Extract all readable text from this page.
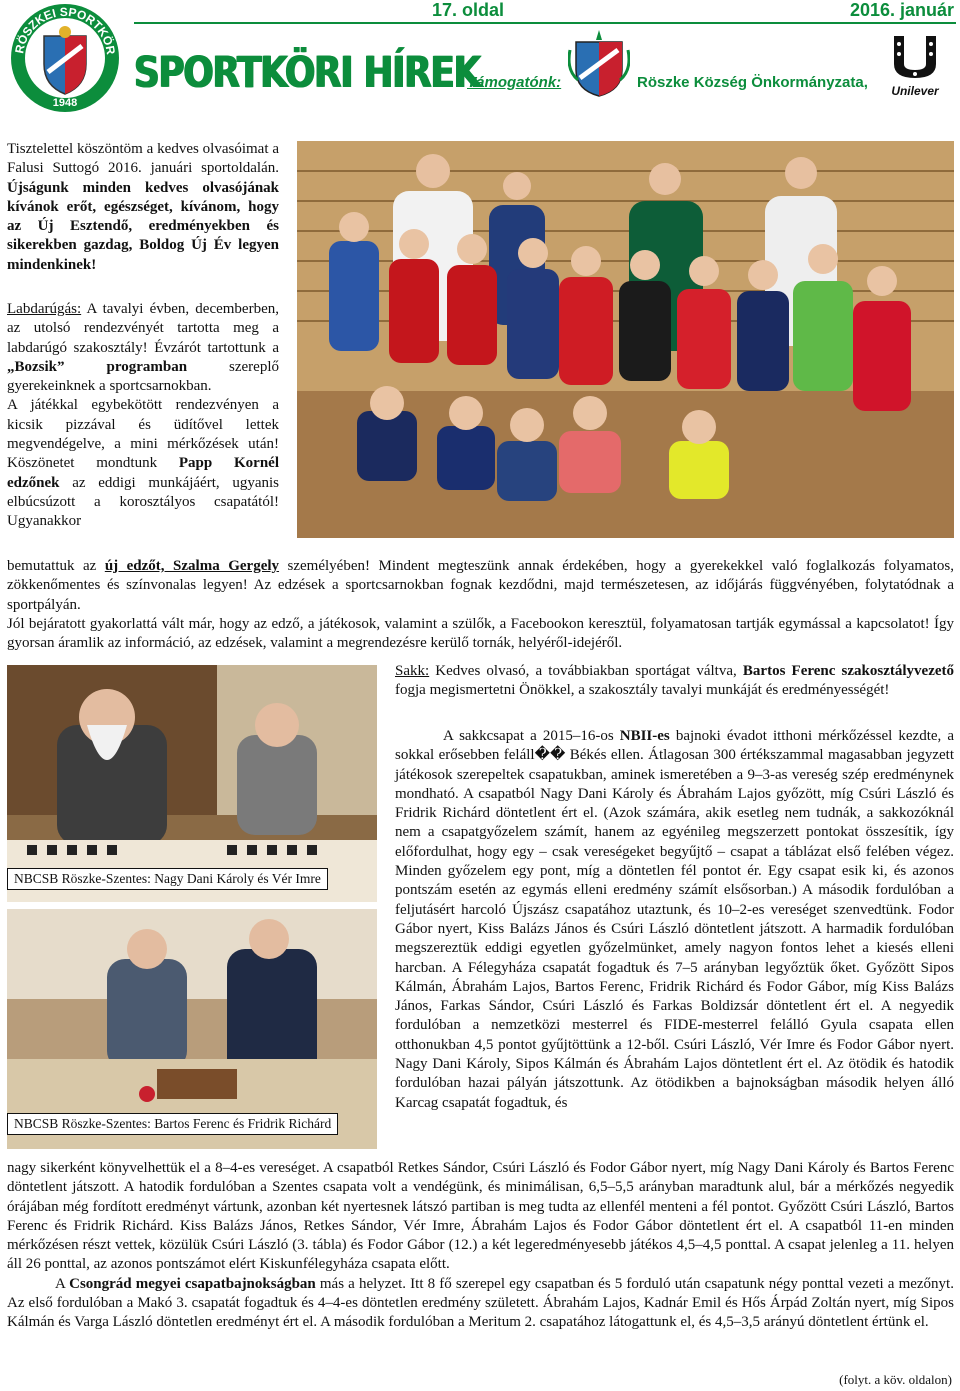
RÖSZKEI SPORTKÖR
1948
17. oldal	2016. január
SPORTKÖRI HÍREK
Támogatónk:	Röszke Község Önkormányzata,	Unilever

Tisztelettel köszöntöm a kedves olvasóimat a Falusi Suttogó 2016. januári sportoldalán. Újságunk minden kedves olvasójának kívánok erőt, egészséget, kívánom, hogy az Új Esztendő, eredményekben és sikerekben gazdag, Boldog Új Év legyen mindenkinek!

Labdarúgás: A tavalyi évben, decemberben, az utolsó rendezvényét tartotta meg a labdarúgó szakosztály! Évzárót tartottunk a „Bozsik” programban szereplő gyerekeinknek a sportcsarnokban.

A játékkal egybekötött rendezvényen a kicsik pizzával és üdítővel lettek megvendégelve, a mini mérkőzések után! Köszönetet mondtunk Papp Kornél edzőnek az eddigi munkájáért, ugyanis elbúcsúzott a korosztályos csapatától! Ugyanakkor

bemutattuk az új edzőt, Szalma Gergely személyében! Mindent megteszünk annak érdekében, hogy a gyerekekkel való foglalkozás folyamatos, zökkenőmentes és színvonalas legyen! Az edzések a sportcsarnokban fognak kezdődni, majd természetesen, az időjárás függvényében, folytatódnak a sportpályán.

Jól bejáratott gyakorlattá vált már, hogy az edző, a játékosok, valamint a szülők, a Facebookon keresztül, folyamatosan tartják egymással a kapcsolatot! Így gyorsan áramlik az információ, az edzések, valamint a megrendezésre kerülő tornák, helyéről-idejéről.

NBCSB Röszke-Szentes: Nagy Dani Károly és Vér Imre
NBCSB Röszke-Szentes: Bartos Ferenc és Fridrik Richárd

Sakk: Kedves olvasó, a továbbiakban sportágat váltva, Bartos Ferenc szakosztályvezető fogja megismertetni Önökkel, a szakosztály tavalyi munkáját és eredményességét!

A sakkcsapat a 2015–16-os NBII-es bajnoki évadot itthoni mérkőzéssel kezdte, a sokkal erősebben feláll�� Békés ellen. Átlagosan 300 értékszammal magasabban jegyzett játékosok szerepeltek csapatukban, aminek ismeretében a 9–3-as vereség szép eredménynek mondható. A csapatból Nagy Dani Károly és Ábrahám Lajos győzött, míg Csúri László és Fridrik Richárd döntetlent ért el. (Azok számára, akik esetleg nem tudnák, a sakkozóknál nem a csapatgyőzelem számít, hanem az egyénileg megszerzett pontokat összesítik, így előfordulhat, hogy egy – csak vereségeket begyűjtő – csapat a táblázat első felében végez. Minden győzelem egy pont, míg a döntetlen fél pontot ér. Egy csapat esik ki, és azonos pontszám esetén az egymás elleni eredmény számít elsősorban.) A második fordulóban a feljutásért harcoló Újszász csapatához utaztunk, és 10–2-es vereséget szenvedtünk. Fodor Gábor nyert, Kiss Balázs János és Csúri László döntetlent játszott. A harmadik fordulóban megszereztük eddigi egyetlen győzelmünket, amely nagyon fontos lehet a kiesés elleni harcban. A Félegyháza csapatát fogadtuk és 7–5 arányban legyőztük őket. Győzött Sipos Kálmán, Ábrahám Lajos, Bartos Ferenc, Fridrik Richárd és Fodor Gábor, míg Kiss Balázs János, Farkas Sándor, Csúri László és Farkas Boldizsár döntetlent ért el. A negyedik fordulóban a nemzetközi mesterrel és FIDE-mesterrel felálló Gyula csapata ellen otthonukban 4,5 pontot gyűjtöttünk a 12-ből. Csúri László, Vér Imre és Fodor Gábor nyert. Nagy Dani Károly, Sipos Kálmán és Ábrahám Lajos döntetlent ért el. Az ötödik és hatodik fordulóban hazai pályán játszottunk. Az ötödikben a bajnokságban második helyen álló Karcag csapatát fogadtuk, és

nagy sikerként könyvelhettük el a 8–4-es vereséget. A csapatból Retkes Sándor, Csúri László és Fodor Gábor nyert, míg Nagy Dani Károly és Bartos Ferenc döntetlent játszott. A hatodik fordulóban a Szentes csapata volt a vendégünk, és minimálisan, 6,5–5,5 arányban maradtunk alul, bár a mérkőzés negyedik órájában még fordított eredményt vártunk, azonban két nyertesnek látszó partiban is meg tudta az ellenfél menteni a fél pontot. Győzött Csúri László, Bartos Ferenc és Fridrik Richárd. Kiss Balázs János, Retkes Sándor, Vér Imre, Ábrahám Lajos és Fodor Gábor döntetlent ért el. A csapatból 11-en minden mérkőzésen részt vettek, közülük Csúri László (3. tábla) és Fodor Gábor (12.) a két legeredményesebb játékos 4,5–4,5 ponttal. A csapat jelenleg a 11. helyen áll 26 ponttal, az azonos pontszámot elért Kiskunfélegyháza csapata előtt.

A Csongrád megyei csapatbajnokságban más a helyzet. Itt 8 fő szerepel egy csapatban és 5 forduló után csapatunk négy ponttal vezeti a mezőnyt. Az első fordulóban a Makó 3. csapatát fogadtuk és 4–4-es döntetlen eredmény született. Ábrahám Lajos, Kadnár Emil és Hős Árpád Zoltán nyert, míg Sipos Kálmán és Varga László döntetlen eredményt ért el. A második fordulóban a Meritum 2. csapatához látogattunk el, és 4,5–3,5 arányú döntetlent értünk el.

(folyt. a köv. oldalon)
